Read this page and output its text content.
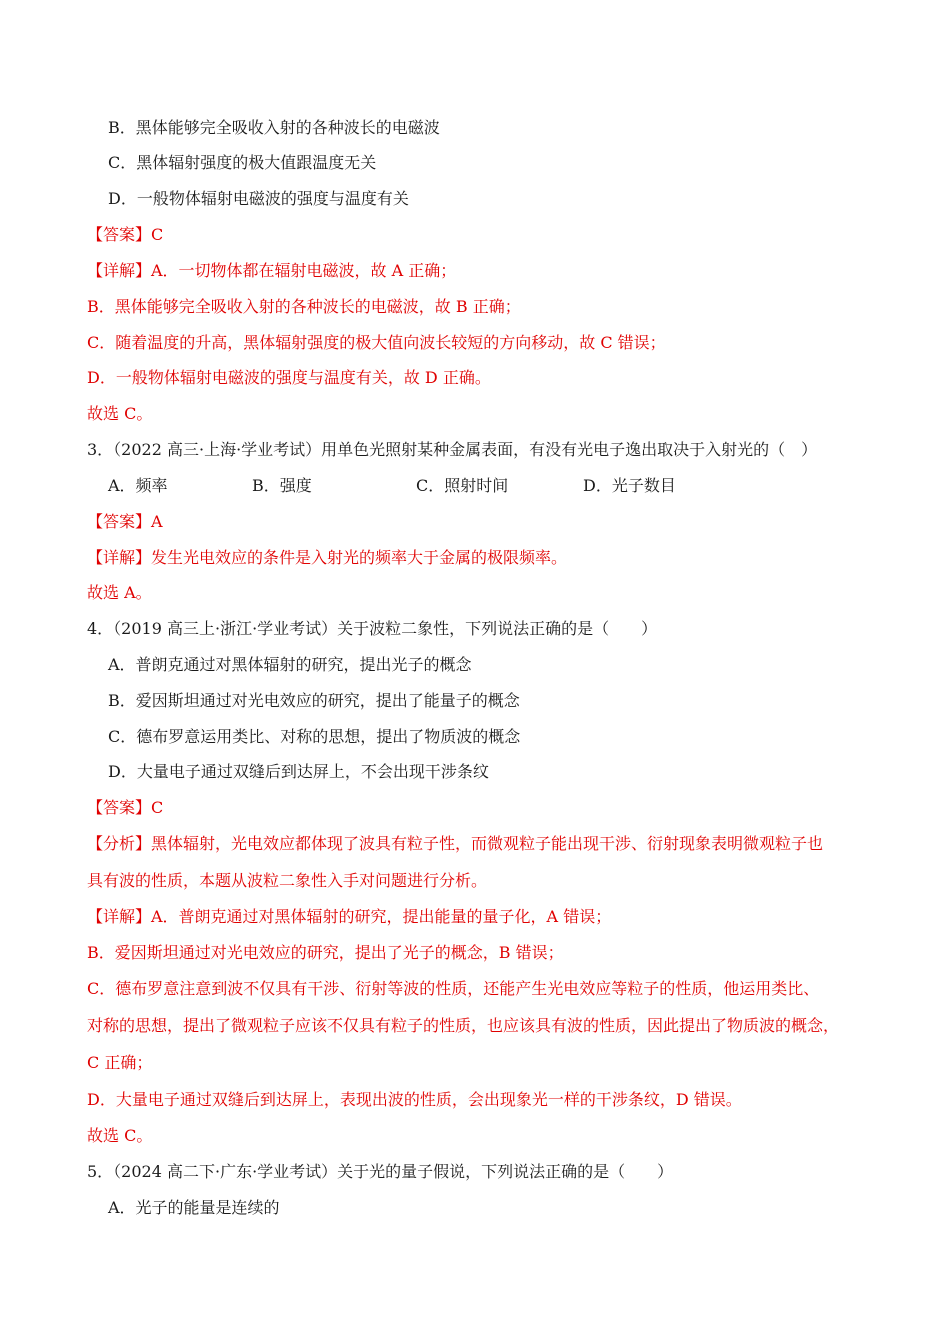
B．黑体能够完全吸收入射的各种波长的电磁波
C．黑体辐射强度的极大值跟温度无关
D．一般物体辐射电磁波的强度与温度有关
【答案】C
【详解】A．一切物体都在辐射电磁波，故 A 正确；
B．黑体能够完全吸收入射的各种波长的电磁波，故 B 正确；
C．随着温度的升高，黑体辐射强度的极大值向波长较短的方向移动，故 C 错误；
D．一般物体辐射电磁波的强度与温度有关，故 D 正确。
故选 C。
3．（2022 高三·上海·学业考试）用单色光照射某种金属表面，有没有光电子逸出取决于入射光的（　）
A．频率	B．强度	C．照射时间	D．光子数目
【答案】A
【详解】发生光电效应的条件是入射光的频率大于金属的极限频率。
故选 A。
4．（2019 高三上·浙江·学业考试）关于波粒二象性，下列说法正确的是（　　）
A．普朗克通过对黑体辐射的研究，提出光子的概念
B．爱因斯坦通过对光电效应的研究，提出了能量子的概念
C．德布罗意运用类比、对称的思想，提出了物质波的概念
D．大量电子通过双缝后到达屏上，不会出现干涉条纹
【答案】C
【分析】黑体辐射，光电效应都体现了波具有粒子性，而微观粒子能出现干涉、衍射现象表明微观粒子也
具有波的性质，本题从波粒二象性入手对问题进行分析。
【详解】A．普朗克通过对黑体辐射的研究，提出能量的量子化，A 错误；
B．爱因斯坦通过对光电效应的研究，提出了光子的概念，B 错误；
C．德布罗意注意到波不仅具有干涉、衍射等波的性质，还能产生光电效应等粒子的性质，他运用类比、
对称的思想，提出了微观粒子应该不仅具有粒子的性质，也应该具有波的性质，因此提出了物质波的概念，
C 正确；
D．大量电子通过双缝后到达屏上，表现出波的性质，会出现象光一样的干涉条纹，D 错误。
故选 C。
5．（2024 高二下·广东·学业考试）关于光的量子假说，下列说法正确的是（　　）
A．光子的能量是连续的
